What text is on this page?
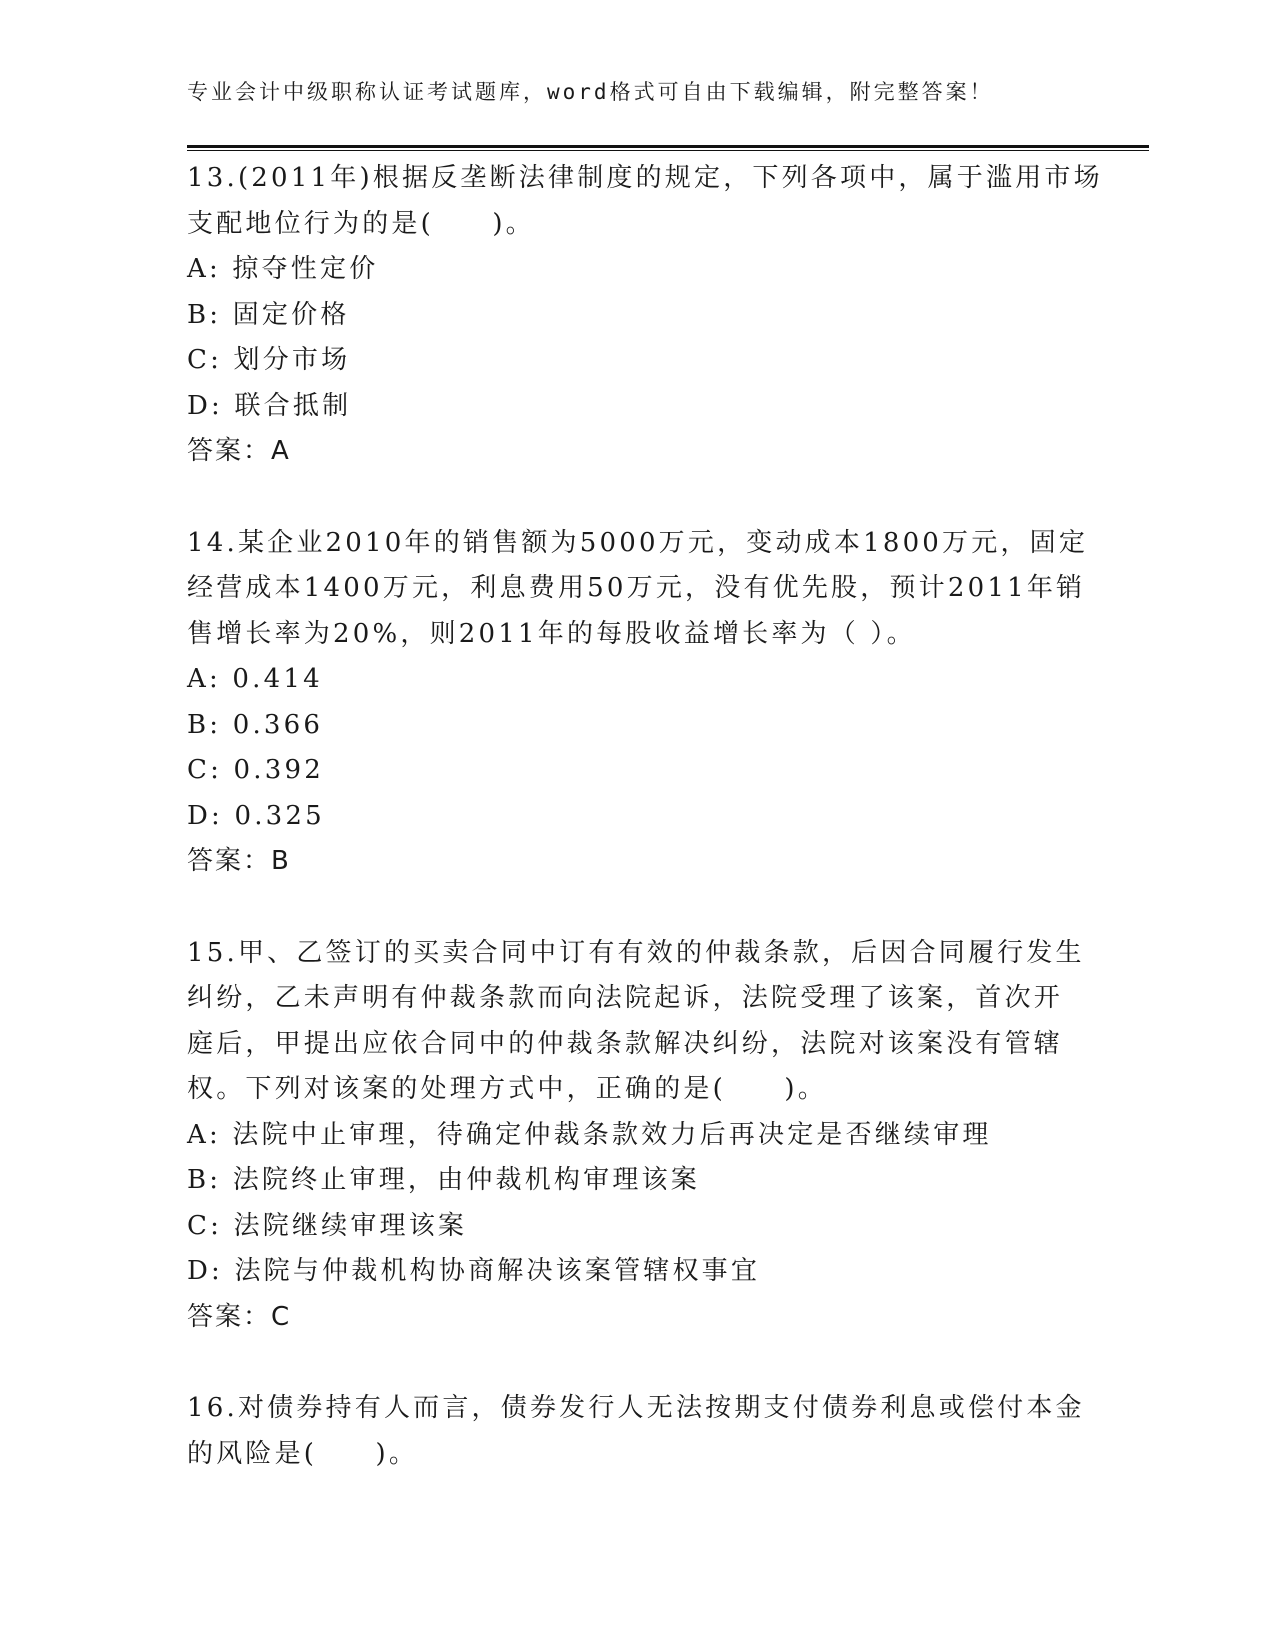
专业会计中级职称认证考试题库，word格式可自由下载编辑，附完整答案！
13.(2011年)根据反垄断法律制度的规定，下列各项中，属于滥用市场
支配地位行为的是(　　)。
A: 掠夺性定价
B: 固定价格
C: 划分市场
D: 联合抵制
答案：A
14.某企业2010年的销售额为5000万元，变动成本1800万元，固定
经营成本1400万元，利息费用50万元，没有优先股，预计2011年销
售增长率为20%，则2011年的每股收益增长率为（ ）。
A: 0.414
B: 0.366
C: 0.392
D: 0.325
答案：B
15.甲、乙签订的买卖合同中订有有效的仲裁条款，后因合同履行发生
纠纷，乙未声明有仲裁条款而向法院起诉，法院受理了该案，首次开
庭后，甲提出应依合同中的仲裁条款解决纠纷，法院对该案没有管辖
权。下列对该案的处理方式中，正确的是(　　)。
A: 法院中止审理，待确定仲裁条款效力后再决定是否继续审理
B: 法院终止审理，由仲裁机构审理该案
C: 法院继续审理该案
D: 法院与仲裁机构协商解决该案管辖权事宜
答案：C
16.对债券持有人而言，债券发行人无法按期支付债券利息或偿付本金
的风险是(　　)。
